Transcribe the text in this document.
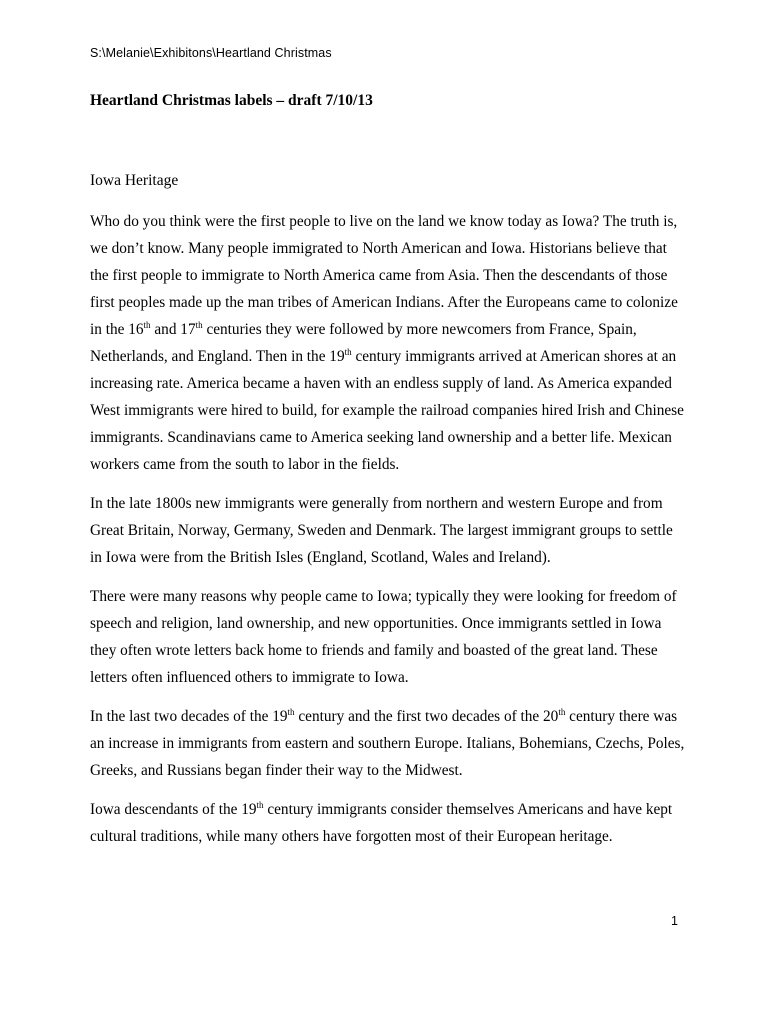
S:\Melanie\Exhibitons\Heartland Christmas
Heartland Christmas labels – draft 7/10/13
Iowa Heritage

Who do you think were the first people to live on the land we know today as Iowa? The truth is, we don’t know. Many people immigrated to North American and Iowa. Historians believe that the first people to immigrate to North America came from Asia. Then the descendants of those first peoples made up the man tribes of American Indians. After the Europeans came to colonize in the 16th and 17th centuries they were followed by more newcomers from France, Spain, Netherlands, and England. Then in the 19th century immigrants arrived at American shores at an increasing rate. America became a haven with an endless supply of land. As America expanded West immigrants were hired to build, for example the railroad companies hired Irish and Chinese immigrants. Scandinavians came to America seeking land ownership and a better life. Mexican workers came from the south to labor in the fields.

In the late 1800s new immigrants were generally from northern and western Europe and from Great Britain, Norway, Germany, Sweden and Denmark. The largest immigrant groups to settle in Iowa were from the British Isles (England, Scotland, Wales and Ireland).

There were many reasons why people came to Iowa; typically they were looking for freedom of speech and religion, land ownership, and new opportunities. Once immigrants settled in Iowa they often wrote letters back home to friends and family and boasted of the great land. These letters often influenced others to immigrate to Iowa.

In the last two decades of the 19th century and the first two decades of the 20th century there was an increase in immigrants from eastern and southern Europe. Italians, Bohemians, Czechs, Poles, Greeks, and Russians began finder their way to the Midwest.

Iowa descendants of the 19th century immigrants consider themselves Americans and have kept cultural traditions, while many others have forgotten most of their European heritage.

1
